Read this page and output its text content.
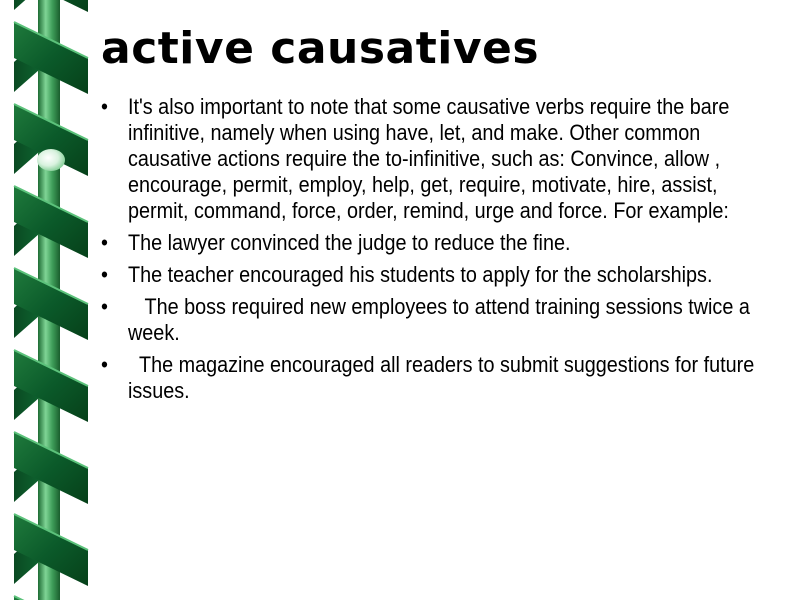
active causatives
• It's also important to note that some causative verbs require the bare infinitive, namely when using have, let, and make. Other common causative actions require the to-infinitive, such as: Convince, allow , encourage, permit, employ, help, get, require, motivate, hire, assist, permit, command, force, order, remind, urge and force. For example:
• The lawyer convinced the judge to reduce the fine.
• The teacher encouraged his students to apply for the scholarships.
• The boss required new employees to attend training sessions twice a week.
• The magazine encouraged all readers to submit suggestions for future issues.
